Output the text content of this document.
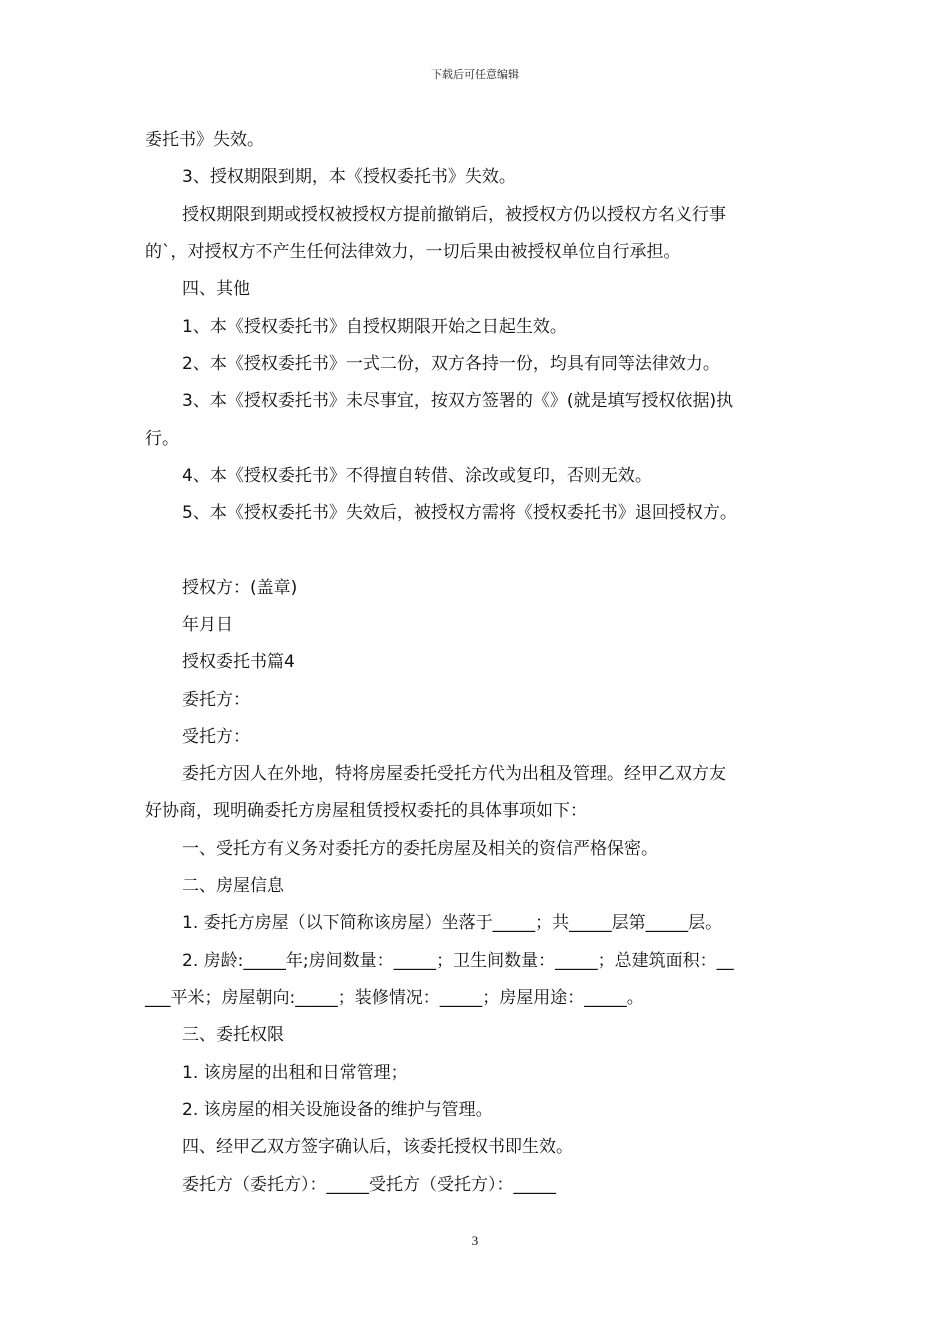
下载后可任意编辑
委托书》失效。
3、授权期限到期，本《授权委托书》失效。
授权期限到期或授权被授权方提前撤销后，被授权方仍以授权方名义行事
的`，对授权方不产生任何法律效力，一切后果由被授权单位自行承担。
四、其他
1、本《授权委托书》自授权期限开始之日起生效。
2、本《授权委托书》一式二份，双方各持一份，均具有同等法律效力。
3、本《授权委托书》未尽事宜，按双方签署的《》(就是填写授权依据)执
行。
4、本《授权委托书》不得擅自转借、涂改或复印，否则无效。
5、本《授权委托书》失效后，被授权方需将《授权委托书》退回授权方。
授权方：(盖章)
年月日
授权委托书篇4
委托方：
受托方：
委托方因人在外地，特将房屋委托受托方代为出租及管理。经甲乙双方友
好协商，现明确委托方房屋租赁授权委托的具体事项如下：
一、受托方有义务对委托方的委托房屋及相关的资信严格保密。
二、房屋信息
1. 委托方房屋（以下简称该房屋）坐落于_____；共_____层第_____层。
2. 房龄:_____年;房间数量：_____；卫生间数量：_____；总建筑面积：__
___平米；房屋朝向:_____；装修情况：_____；房屋用途：_____。
三、委托权限
1. 该房屋的出租和日常管理；
2. 该房屋的相关设施设备的维护与管理。
四、经甲乙双方签字确认后，该委托授权书即生效。
委托方（委托方）：_____受托方（受托方）：_____
3
